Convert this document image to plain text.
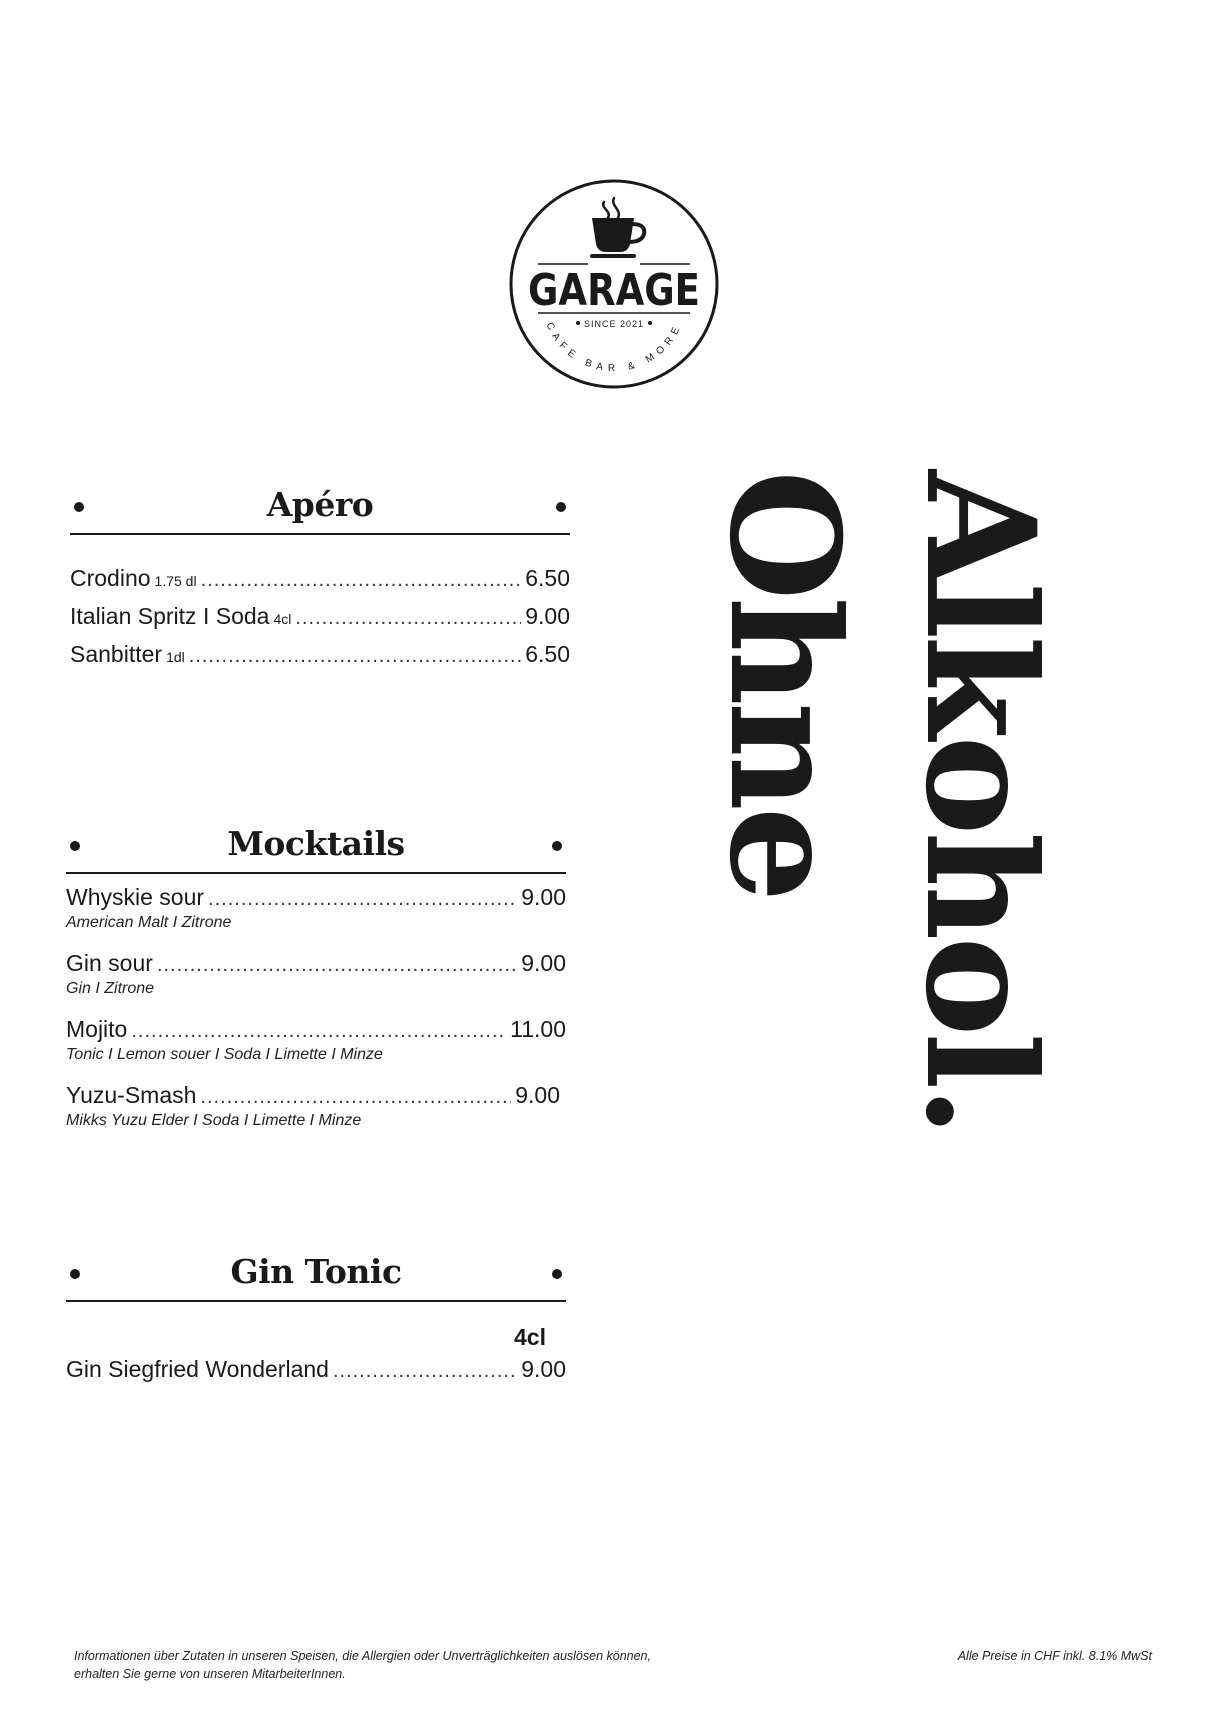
GARAGE
SINCE 2021
CAFE BAR & MORE
Apéro
Crodino 1.75 dl .....	6.50
Italian Spritz I Soda 4cl .....	9.00
Sanbitter 1dl .....	6.50
Mocktails
Whyskie sour .....	9.00
American Malt I Zitrone
Gin sour .....	9.00
Gin I Zitrone
Mojito .....	11.00
Tonic I Lemon souer I Soda I Limette I Minze
Yuzu-Smash .....	9.00
Mikks Yuzu Elder I Soda I Limette I Minze
Gin Tonic
4cl
Gin Siegfried Wonderland .....	9.00
Alkohol.
Ohne
Informationen über Zutaten in unseren Speisen, die Allergien oder Unverträglichkeiten auslösen können,
erhalten Sie gerne von unseren MitarbeiterInnen.
Alle Preise in CHF inkl. 8.1% MwSt
